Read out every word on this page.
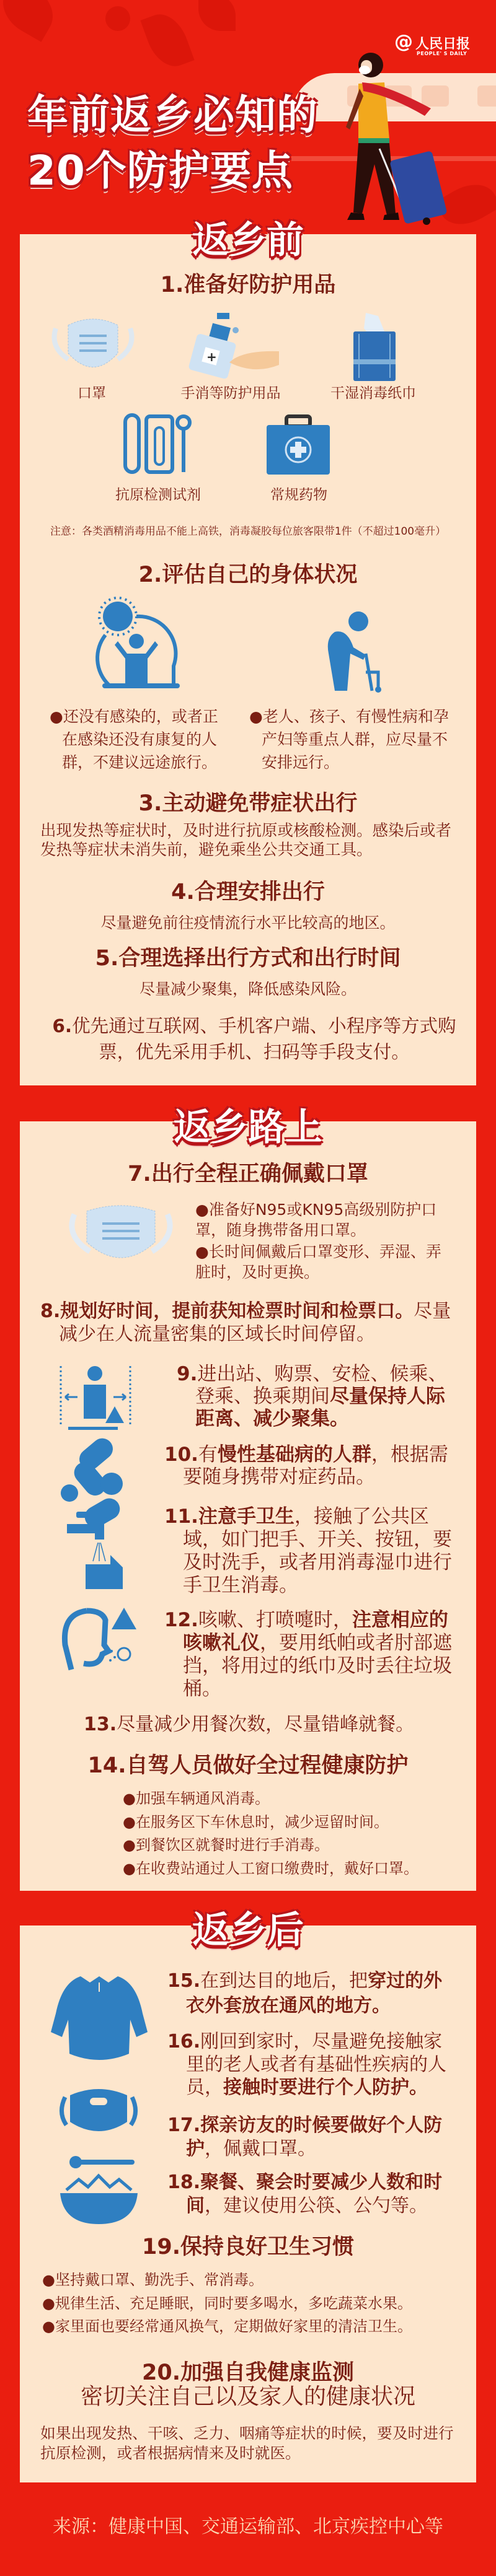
@ 人民日报
PEOPLE' S DAILY
年前返乡必知的
20个防护要点
返乡前
1.准备好防护用品
+
口罩	手消等防护用品	干湿消毒纸巾
抗原检测试剂	常规药物
注意：各类酒精消毒用品不能上高铁，消毒凝胶每位旅客限带1件（不超过100毫升）
2.评估自己的身体状况
●还没有感染的，或者正在感染还没有康复的人群，不建议远途旅行。
●老人、孩子、有慢性病和孕产妇等重点人群，应尽量不安排远行。
3.主动避免带症状出行
出现发热等症状时，及时进行抗原或核酸检测。感染后或者发热等症状未消失前，避免乘坐公共交通工具。
4.合理安排出行
尽量避免前往疫情流行水平比较高的地区。
5.合理选择出行方式和出行时间
尽量减少聚集，降低感染风险。
6.优先通过互联网、手机客户端、小程序等方式购票，优先采用手机、扫码等手段支付。
返乡路上
7.出行全程正确佩戴口罩
●准备好N95或KN95高级别防护口罩，随身携带备用口罩。
●长时间佩戴后口罩变形、弄湿、弄脏时，及时更换。
8.规划好时间，提前获知检票时间和检票口。尽量减少在人流量密集的区域长时间停留。
9.进出站、购票、安检、候乘、登乘、换乘期间尽量保持人际距离、减少聚集。
10.有慢性基础病的人群，根据需要随身携带对症药品。
11.注意手卫生，接触了公共区域，如门把手、开关、按钮，要及时洗手，或者用消毒湿巾进行手卫生消毒。
12.咳嗽、打喷嚏时，注意相应的咳嗽礼仪，要用纸帕或者肘部遮挡，将用过的纸巾及时丢往垃圾桶。
13.尽量减少用餐次数，尽量错峰就餐。
14.自驾人员做好全过程健康防护
●加强车辆通风消毒。
●在服务区下车休息时，减少逗留时间。
●到餐饮区就餐时进行手消毒。
●在收费站通过人工窗口缴费时，戴好口罩。
返乡后
15.在到达目的地后，把穿过的外衣外套放在通风的地方。
16.刚回到家时，尽量避免接触家里的老人或者有基础性疾病的人员，接触时要进行个人防护。
17.探亲访友的时候要做好个人防护，佩戴口罩。
18.聚餐、聚会时要减少人数和时间，建议使用公筷、公勺等。
19.保持良好卫生习惯
●坚持戴口罩、勤洗手、常消毒。
●规律生活、充足睡眠，同时要多喝水，多吃蔬菜水果。
●家里面也要经常通风换气，定期做好家里的清洁卫生。
20.加强自我健康监测
密切关注自己以及家人的健康状况
如果出现发热、干咳、乏力、咽痛等症状的时候，要及时进行抗原检测，或者根据病情来及时就医。
来源：健康中国、交通运输部、北京疾控中心等
